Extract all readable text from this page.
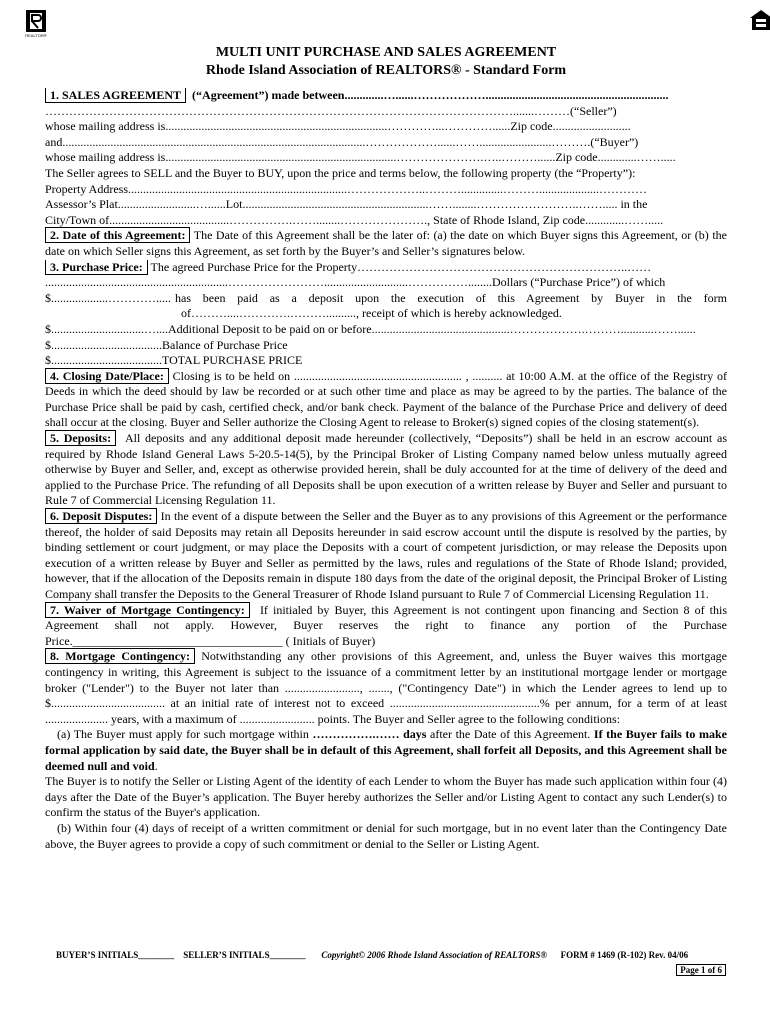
REALTOR®
MULTI UNIT PURCHASE AND SALES AGREEMENT
Rhode Island Association of REALTORS® - Standard Form
1. SALES AGREEMENT (“Agreement”) made between.............…......……………….............................................................
……………………………………………………………………………………………………….......………(“Seller”)
whose mailing address is..........................................................................…………...…………......Zip code..........................
and.....................................................................................................………………......……........................……….(“Buyer”)
whose mailing address is.............................................................................………………….…..………......Zip code.............…….....
The Seller agrees to SELL and the Buyer to BUY, upon the price and terms below, the following property (the “Property”):
Property Address.........................................................................………………..………..............………....................…………
Assessor’s Plat..........................…......Lot..............................................................……........……………………..……..... in the
City/Town of........................................…………….……........…………………., State of Rhode Island, Zip code.............…….....

2. Date of this Agreement: The Date of this Agreement shall be the later of: (a) the date on which Buyer signs this Agreement, or (b) the date on which Seller signs this Agreement, as set forth by the Buyer’s and Seller’s signatures below.

3. Purchase Price: The agreed Purchase Price for the Property…………………………………………………………..……
.............................................................……………………............................……………........Dollars (“Purchase Price”) of which
$...................…………..... has been paid as a deposit upon the execution of this Agreement by Buyer in the form
of………....………….……….........., receipt of which is hereby acknowledged.
$...............................…....Additional Deposit to be paid on or before..............................................……………….………...........……......
$.....................................Balance of Purchase Price
$.....................................TOTAL PURCHASE PRICE

4. Closing Date/Place: Closing is to be held on ........................................................ , .......... at 10:00 A.M. at the office of the Registry of Deeds in which the deed should by law be recorded or at such other time and place as may be agreed to by the parties. The balance of the Purchase Price shall be paid by cash, certified check, and/or bank check. Payment of the balance of the Purchase Price and delivery of deed shall occur at the closing. Buyer and Seller authorize the Closing Agent to release to Broker(s) signed copies of the closing statement(s).

5. Deposits: All deposits and any additional deposit made hereunder (collectively, “Deposits”) shall be held in an escrow account as required by Rhode Island General Laws 5-20.5-14(5), by the Principal Broker of Listing Company named below unless mutually agreed otherwise by Buyer and Seller, and, except as otherwise provided herein, shall be duly accounted for at the time of delivery of the deed and applied to the Purchase Price. The refunding of all Deposits shall be upon execution of a written release by Buyer and Seller and pursuant to Rule 7 of Commercial Licensing Regulation 11.

6. Deposit Disputes: In the event of a dispute between the Seller and the Buyer as to any provisions of this Agreement or the performance thereof, the holder of said Deposits may retain all Deposits hereunder in said escrow account until the dispute is resolved by the parties, by binding settlement or court judgment, or may place the Deposits with a court of competent jurisdiction, or may release the Deposits upon execution of a written release by Buyer and Seller as permitted by the laws, rules and regulations of the State of Rhode Island; provided, however, that if the allocation of the Deposits remain in dispute 180 days from the date of the original deposit, the Principal Broker of Listing Company shall transfer the Deposits to the General Treasurer of Rhode Island pursuant to Rule 7 of Commercial Licensing Regulation 11.

7. Waiver of Mortgage Contingency: If initialed by Buyer, this Agreement is not contingent upon financing and Section 8 of this Agreement shall not apply. However, Buyer reserves the right to finance any portion of the Purchase Price.___________________________________ ( Initials of Buyer)

8. Mortgage Contingency: Notwithstanding any other provisions of this Agreement, and, unless the Buyer waives this mortgage contingency in writing, this Agreement is subject to the issuance of a commitment letter by an institutional mortgage lender or mortgage broker ("Lender") to the Buyer not later than ........................., ......., ("Contingency Date") in which the Lender agrees to lend up to $...................................... at an initial rate of interest not to exceed ..................................................% per annum, for a term of at least ..................... years, with a maximum of ......................... points. The Buyer and Seller agree to the following conditions:

(a) The Buyer must apply for such mortgage within …………….…… days after the Date of this Agreement. If the Buyer fails to make formal application by said date, the Buyer shall be in default of this Agreement, shall forfeit all Deposits, and this Agreement shall be deemed null and void.

The Buyer is to notify the Seller or Listing Agent of the identity of each Lender to whom the Buyer has made such application within four (4) days after the Date of the Buyer’s application. The Buyer hereby authorizes the Seller and/or Listing Agent to contact any such Lender(s) to confirm the status of the Buyer's application.

(b) Within four (4) days of receipt of a written commitment or denial for such mortgage, but in no event later than the Contingency Date above, the Buyer agrees to provide a copy of such commitment or denial to the Seller or Listing Agent.

BUYER’S INITIALS________ SELLER’S INITIALS________ Copyright© 2006 Rhode Island Association of REALTORS® FORM # 1469 (R-102) Rev. 04/06
Page 1 of 6
